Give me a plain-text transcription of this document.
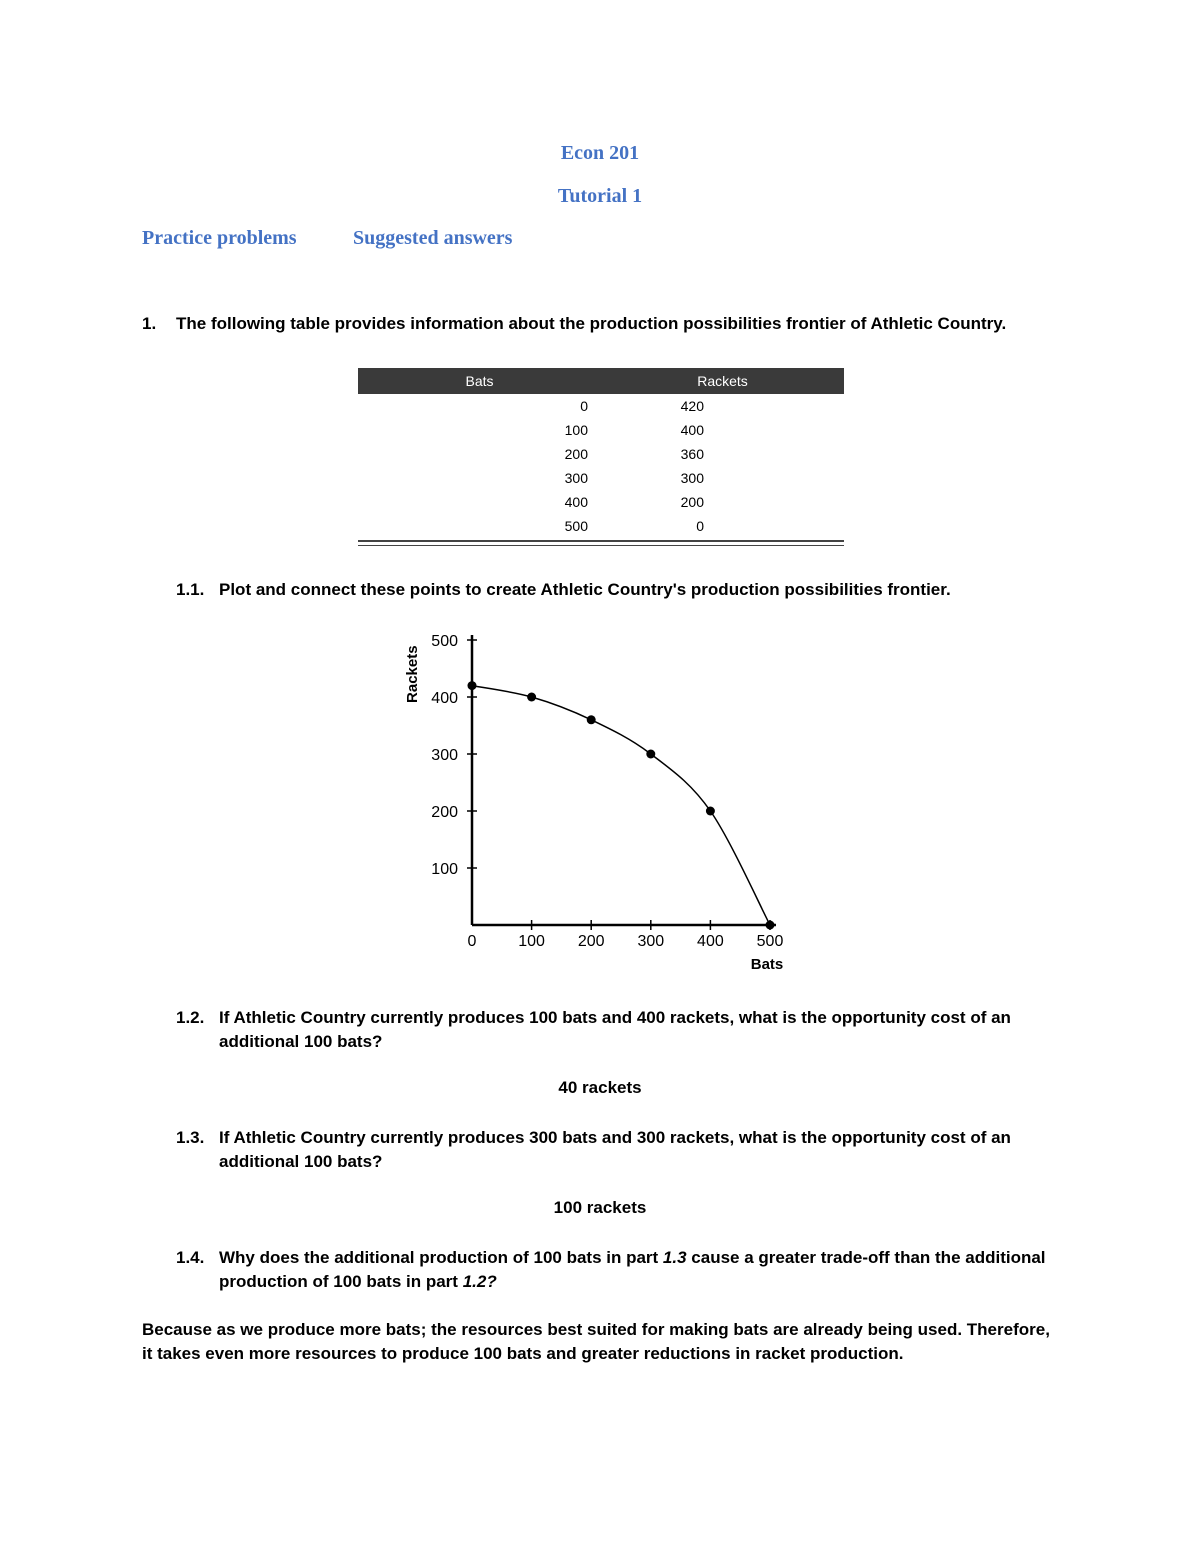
Econ 201
Tutorial 1
Practice problems	Suggested answers
1. The following table provides information about the production possibilities frontier of Athletic Country.
Bats	Rackets
0	420
100	400
200	360
300	300
400	200
500	0
1.1. Plot and connect these points to create Athletic Country's production possibilities frontier.
100
200
300
400
500
0	100 200 300 400 500
Bats
Rackets
1.2. If Athletic Country currently produces 100 bats and 400 rackets, what is the opportunity cost of an additional 100 bats?
40 rackets
1.3. If Athletic Country currently produces 300 bats and 300 rackets, what is the opportunity cost of an additional 100 bats?
100 rackets
1.4. Why does the additional production of 100 bats in part 1.3 cause a greater trade-off than the additional production of 100 bats in part 1.2?
Because as we produce more bats; the resources best suited for making bats are already being used. Therefore, it takes even more resources to produce 100 bats and greater reductions in racket production.
